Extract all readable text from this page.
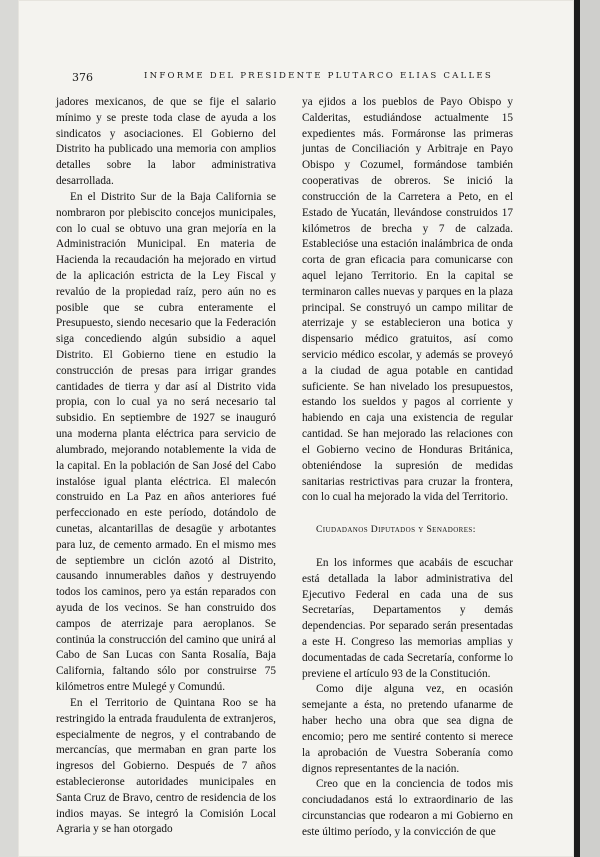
376	INFORME DEL PRESIDENTE PLUTARCO ELIAS CALLES

jadores mexicanos, de que se fije el salario mínimo y se preste toda clase de ayuda a los sindicatos y asociaciones. El Gobierno del Distrito ha publicado una memoria con amplios detalles sobre la labor administrativa desarrollada.

En el Distrito Sur de la Baja California se nombraron por plebiscito concejos municipales, con lo cual se obtuvo una gran mejoría en la Administración Municipal. En materia de Hacienda la recaudación ha mejorado en virtud de la aplicación estricta de la Ley Fiscal y revalúo de la propiedad raíz, pero aún no es posible que se cubra enteramente el Presupuesto, siendo necesario que la Federación siga concediendo algún subsidio a aquel Distrito. El Gobierno tiene en estudio la construcción de presas para irrigar grandes cantidades de tierra y dar así al Distrito vida propia, con lo cual ya no será necesario tal subsidio. En septiembre de 1927 se inauguró una moderna planta eléctrica para servicio de alumbrado, mejorando notablemente la vida de la capital. En la población de San José del Cabo instalóse igual planta eléctrica. El malecón construido en La Paz en años anteriores fué perfeccionado en este período, dotándolo de cunetas, alcantarillas de desagüe y arbotantes para luz, de cemento armado. En el mismo mes de septiembre un ciclón azotó al Distrito, causando innumerables daños y destruyendo todos los caminos, pero ya están reparados con ayuda de los vecinos. Se han construido dos campos de aterrizaje para aeroplanos. Se continúa la construcción del camino que unirá al Cabo de San Lucas con Santa Rosalía, Baja California, faltando sólo por construirse 75 kilómetros entre Mulegé y Comundú.

En el Territorio de Quintana Roo se ha restringido la entrada fraudulenta de extranjeros, especialmente de negros, y el contrabando de mercancías, que mermaban en gran parte los ingresos del Gobierno. Después de 7 años establecieronse autoridades municipales en Santa Cruz de Bravo, centro de residencia de los indios mayas. Se integró la Comisión Local Agraria y se han otorgado

ya ejidos a los pueblos de Payo Obispo y Calderitas, estudiándose actualmente 15 expedientes más. Formáronse las primeras juntas de Conciliación y Arbitraje en Payo Obispo y Cozumel, formándose también cooperativas de obreros. Se inició la construcción de la Carretera a Peto, en el Estado de Yucatán, llevándose construidos 17 kilómetros de brecha y 7 de calzada. Establecióse una estación inalámbrica de onda corta de gran eficacia para comunicarse con aquel lejano Territorio. En la capital se terminaron calles nuevas y parques en la plaza principal. Se construyó un campo militar de aterrizaje y se establecieron una botica y dispensario médico gratuitos, así como servicio médico escolar, y además se proveyó a la ciudad de agua potable en cantidad suficiente. Se han nivelado los presupuestos, estando los sueldos y pagos al corriente y habiendo en caja una existencia de regular cantidad. Se han mejorado las relaciones con el Gobierno vecino de Honduras Británica, obteniéndose la supresión de medidas sanitarias restrictivas para cruzar la frontera, con lo cual ha mejorado la vida del Territorio.

Ciudadanos Diputados y Senadores:

En los informes que acabáis de escuchar está detallada la labor administrativa del Ejecutivo Federal en cada una de sus Secretarías, Departamentos y demás dependencias. Por separado serán presentadas a este H. Congreso las memorias amplias y documentadas de cada Secretaría, conforme lo previene el artículo 93 de la Constitución.

Como dije alguna vez, en ocasión semejante a ésta, no pretendo ufanarme de haber hecho una obra que sea digna de encomio; pero me sentiré contento si merece la aprobación de Vuestra Soberanía como dignos representantes de la nación.

Creo que en la conciencia de todos mis conciudadanos está lo extraordinario de las circunstancias que rodearon a mi Gobierno en este último período, y la convicción de que
